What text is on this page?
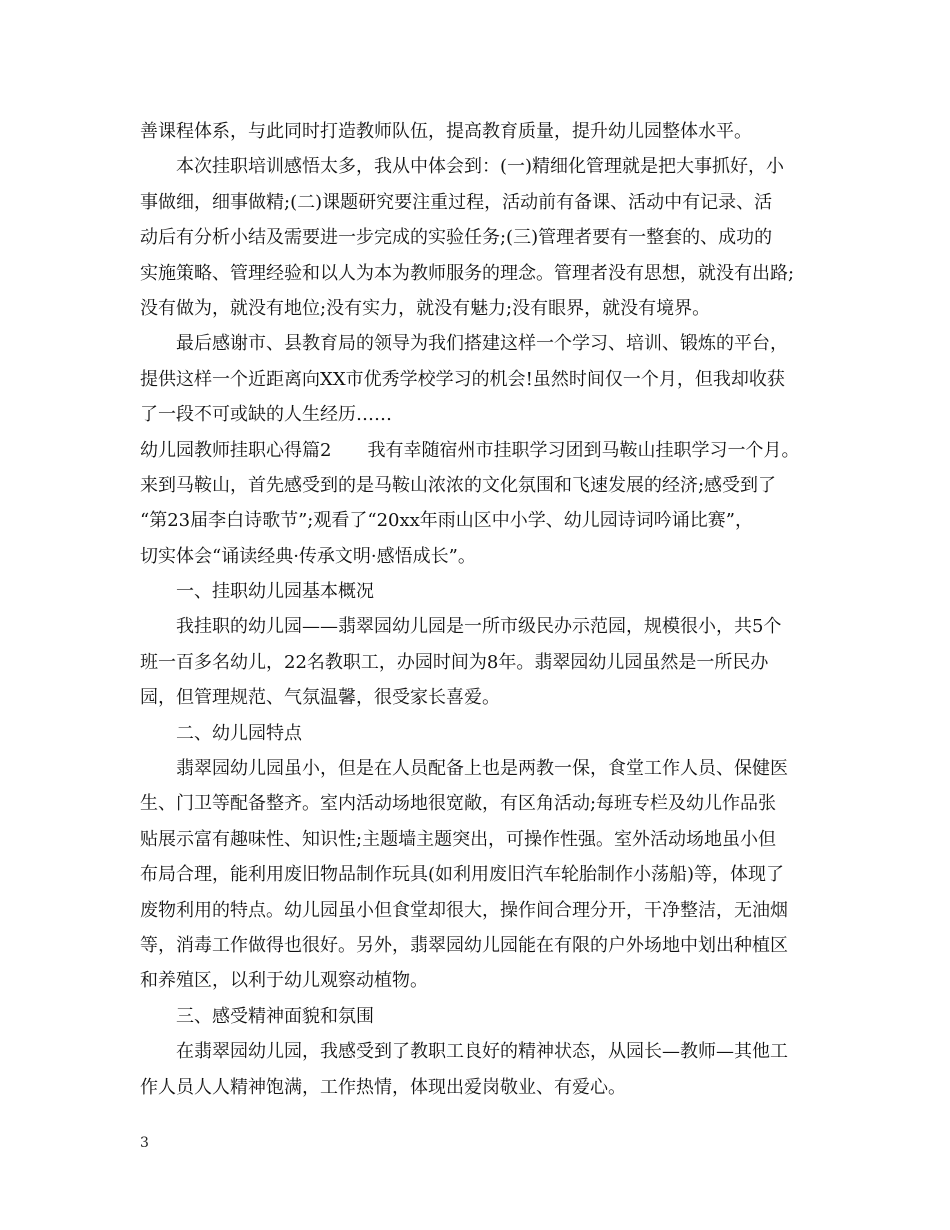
善课程体系，与此同时打造教师队伍，提高教育质量，提升幼儿园整体水平。
本次挂职培训感悟太多，我从中体会到：(一)精细化管理就是把大事抓好，小
事做细，细事做精;(二)课题研究要注重过程，活动前有备课、活动中有记录、活
动后有分析小结及需要进一步完成的实验任务;(三)管理者要有一整套的、成功的
实施策略、管理经验和以人为本为教师服务的理念。管理者没有思想，就没有出路;
没有做为，就没有地位;没有实力，就没有魅力;没有眼界，就没有境界。
最后感谢市、县教育局的领导为我们搭建这样一个学习、培训、锻炼的平台，
提供这样一个近距离向XX市优秀学校学习的机会!虽然时间仅一个月，但我却收获
了一段不可或缺的人生经历……
幼儿园教师挂职心得篇2　　我有幸随宿州市挂职学习团到马鞍山挂职学习一个月。
来到马鞍山，首先感受到的是马鞍山浓浓的文化氛围和飞速发展的经济;感受到了
“第23届李白诗歌节”;观看了“20xx年雨山区中小学、幼儿园诗词吟诵比赛”，
切实体会“诵读经典·传承文明·感悟成长”。
一、挂职幼儿园基本概况
我挂职的幼儿园——翡翠园幼儿园是一所市级民办示范园，规模很小，共5个
班一百多名幼儿，22名教职工，办园时间为8年。翡翠园幼儿园虽然是一所民办
园，但管理规范、气氛温馨，很受家长喜爱。
二、幼儿园特点
翡翠园幼儿园虽小，但是在人员配备上也是两教一保，食堂工作人员、保健医
生、门卫等配备整齐。室内活动场地很宽敞，有区角活动;每班专栏及幼儿作品张
贴展示富有趣味性、知识性;主题墙主题突出，可操作性强。室外活动场地虽小但
布局合理，能利用废旧物品制作玩具(如利用废旧汽车轮胎制作小荡船)等，体现了
废物利用的特点。幼儿园虽小但食堂却很大，操作间合理分开，干净整洁，无油烟
等，消毒工作做得也很好。另外，翡翠园幼儿园能在有限的户外场地中划出种植区
和养殖区，以利于幼儿观察动植物。
三、感受精神面貌和氛围
在翡翠园幼儿园，我感受到了教职工良好的精神状态，从园长—教师—其他工
作人员人人精神饱满，工作热情，体现出爱岗敬业、有爱心。
3
